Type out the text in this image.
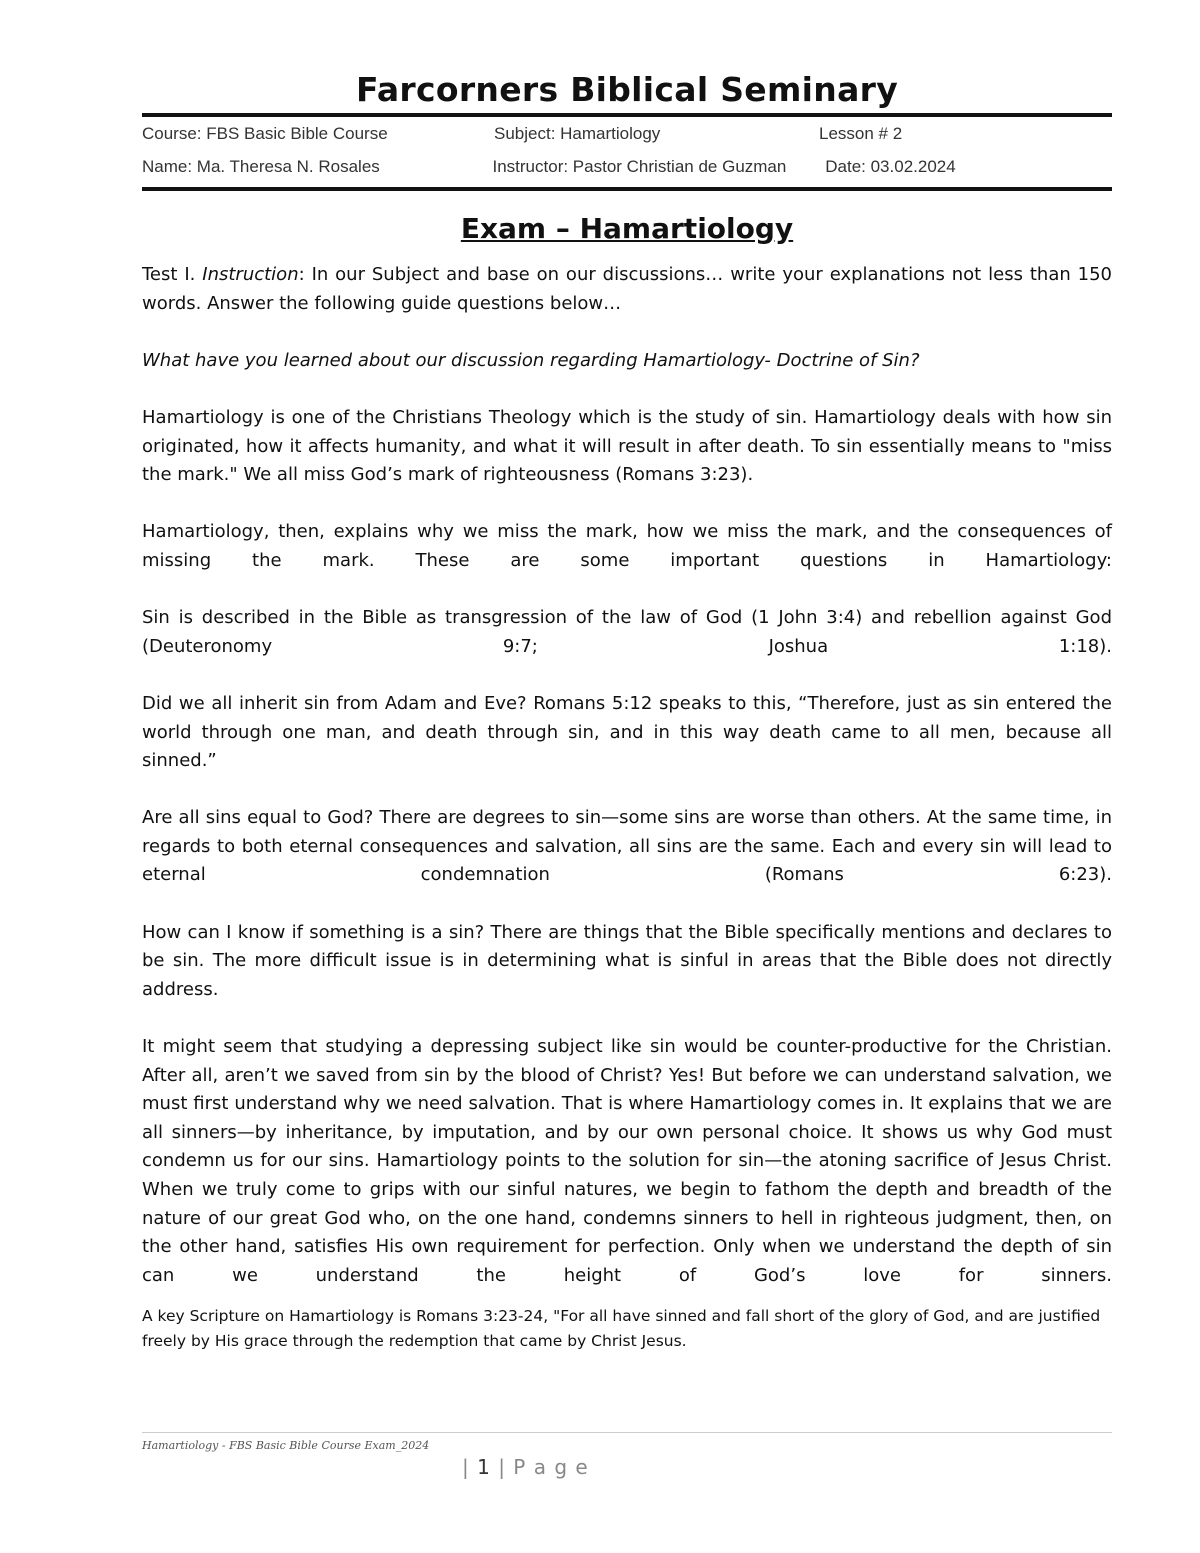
Farcorners Biblical Seminary
Course: FBS Basic Bible Course	Subject: Hamartiology	Lesson # 2
Name: Ma. Theresa N. Rosales	Instructor: Pastor Christian de Guzman	Date: 03.02.2024
Exam – Hamartiology

Test I. Instruction: In our Subject and base on our discussions… write your explanations not less than 150 words. Answer the following guide questions below…

What have you learned about our discussion regarding Hamartiology- Doctrine of Sin?

Hamartiology is one of the Christians Theology which is the study of sin. Hamartiology deals with how sin originated, how it affects humanity, and what it will result in after death. To sin essentially means to "miss the mark." We all miss God’s mark of righteousness (Romans 3:23).

Hamartiology, then, explains why we miss the mark, how we miss the mark, and the consequences of missing the mark. These are some important questions in Hamartiology:

Sin is described in the Bible as transgression of the law of God (1 John 3:4) and rebellion against God (Deuteronomy 9:7; Joshua 1:18).

Did we all inherit sin from Adam and Eve? Romans 5:12 speaks to this, “Therefore, just as sin entered the world through one man, and death through sin, and in this way death came to all men, because all sinned.”

Are all sins equal to God? There are degrees to sin—some sins are worse than others. At the same time, in regards to both eternal consequences and salvation, all sins are the same. Each and every sin will lead to eternal condemnation (Romans 6:23).

How can I know if something is a sin? There are things that the Bible specifically mentions and declares to be sin. The more difficult issue is in determining what is sinful in areas that the Bible does not directly address.

It might seem that studying a depressing subject like sin would be counter-productive for the Christian. After all, aren’t we saved from sin by the blood of Christ? Yes! But before we can understand salvation, we must first understand why we need salvation. That is where Hamartiology comes in. It explains that we are all sinners—by inheritance, by imputation, and by our own personal choice. It shows us why God must condemn us for our sins. Hamartiology points to the solution for sin—the atoning sacrifice of Jesus Christ. When we truly come to grips with our sinful natures, we begin to fathom the depth and breadth of the nature of our great God who, on the one hand, condemns sinners to hell in righteous judgment, then, on the other hand, satisfies His own requirement for perfection. Only when we understand the depth of sin can we understand the height of God’s love for sinners.

A key Scripture on Hamartiology is Romans 3:23-24, "For all have sinned and fall short of the glory of God, and are justified freely by His grace through the redemption that came by Christ Jesus.

Hamartiology - FBS Basic Bible Course Exam_2024
| 1 | P a g e
